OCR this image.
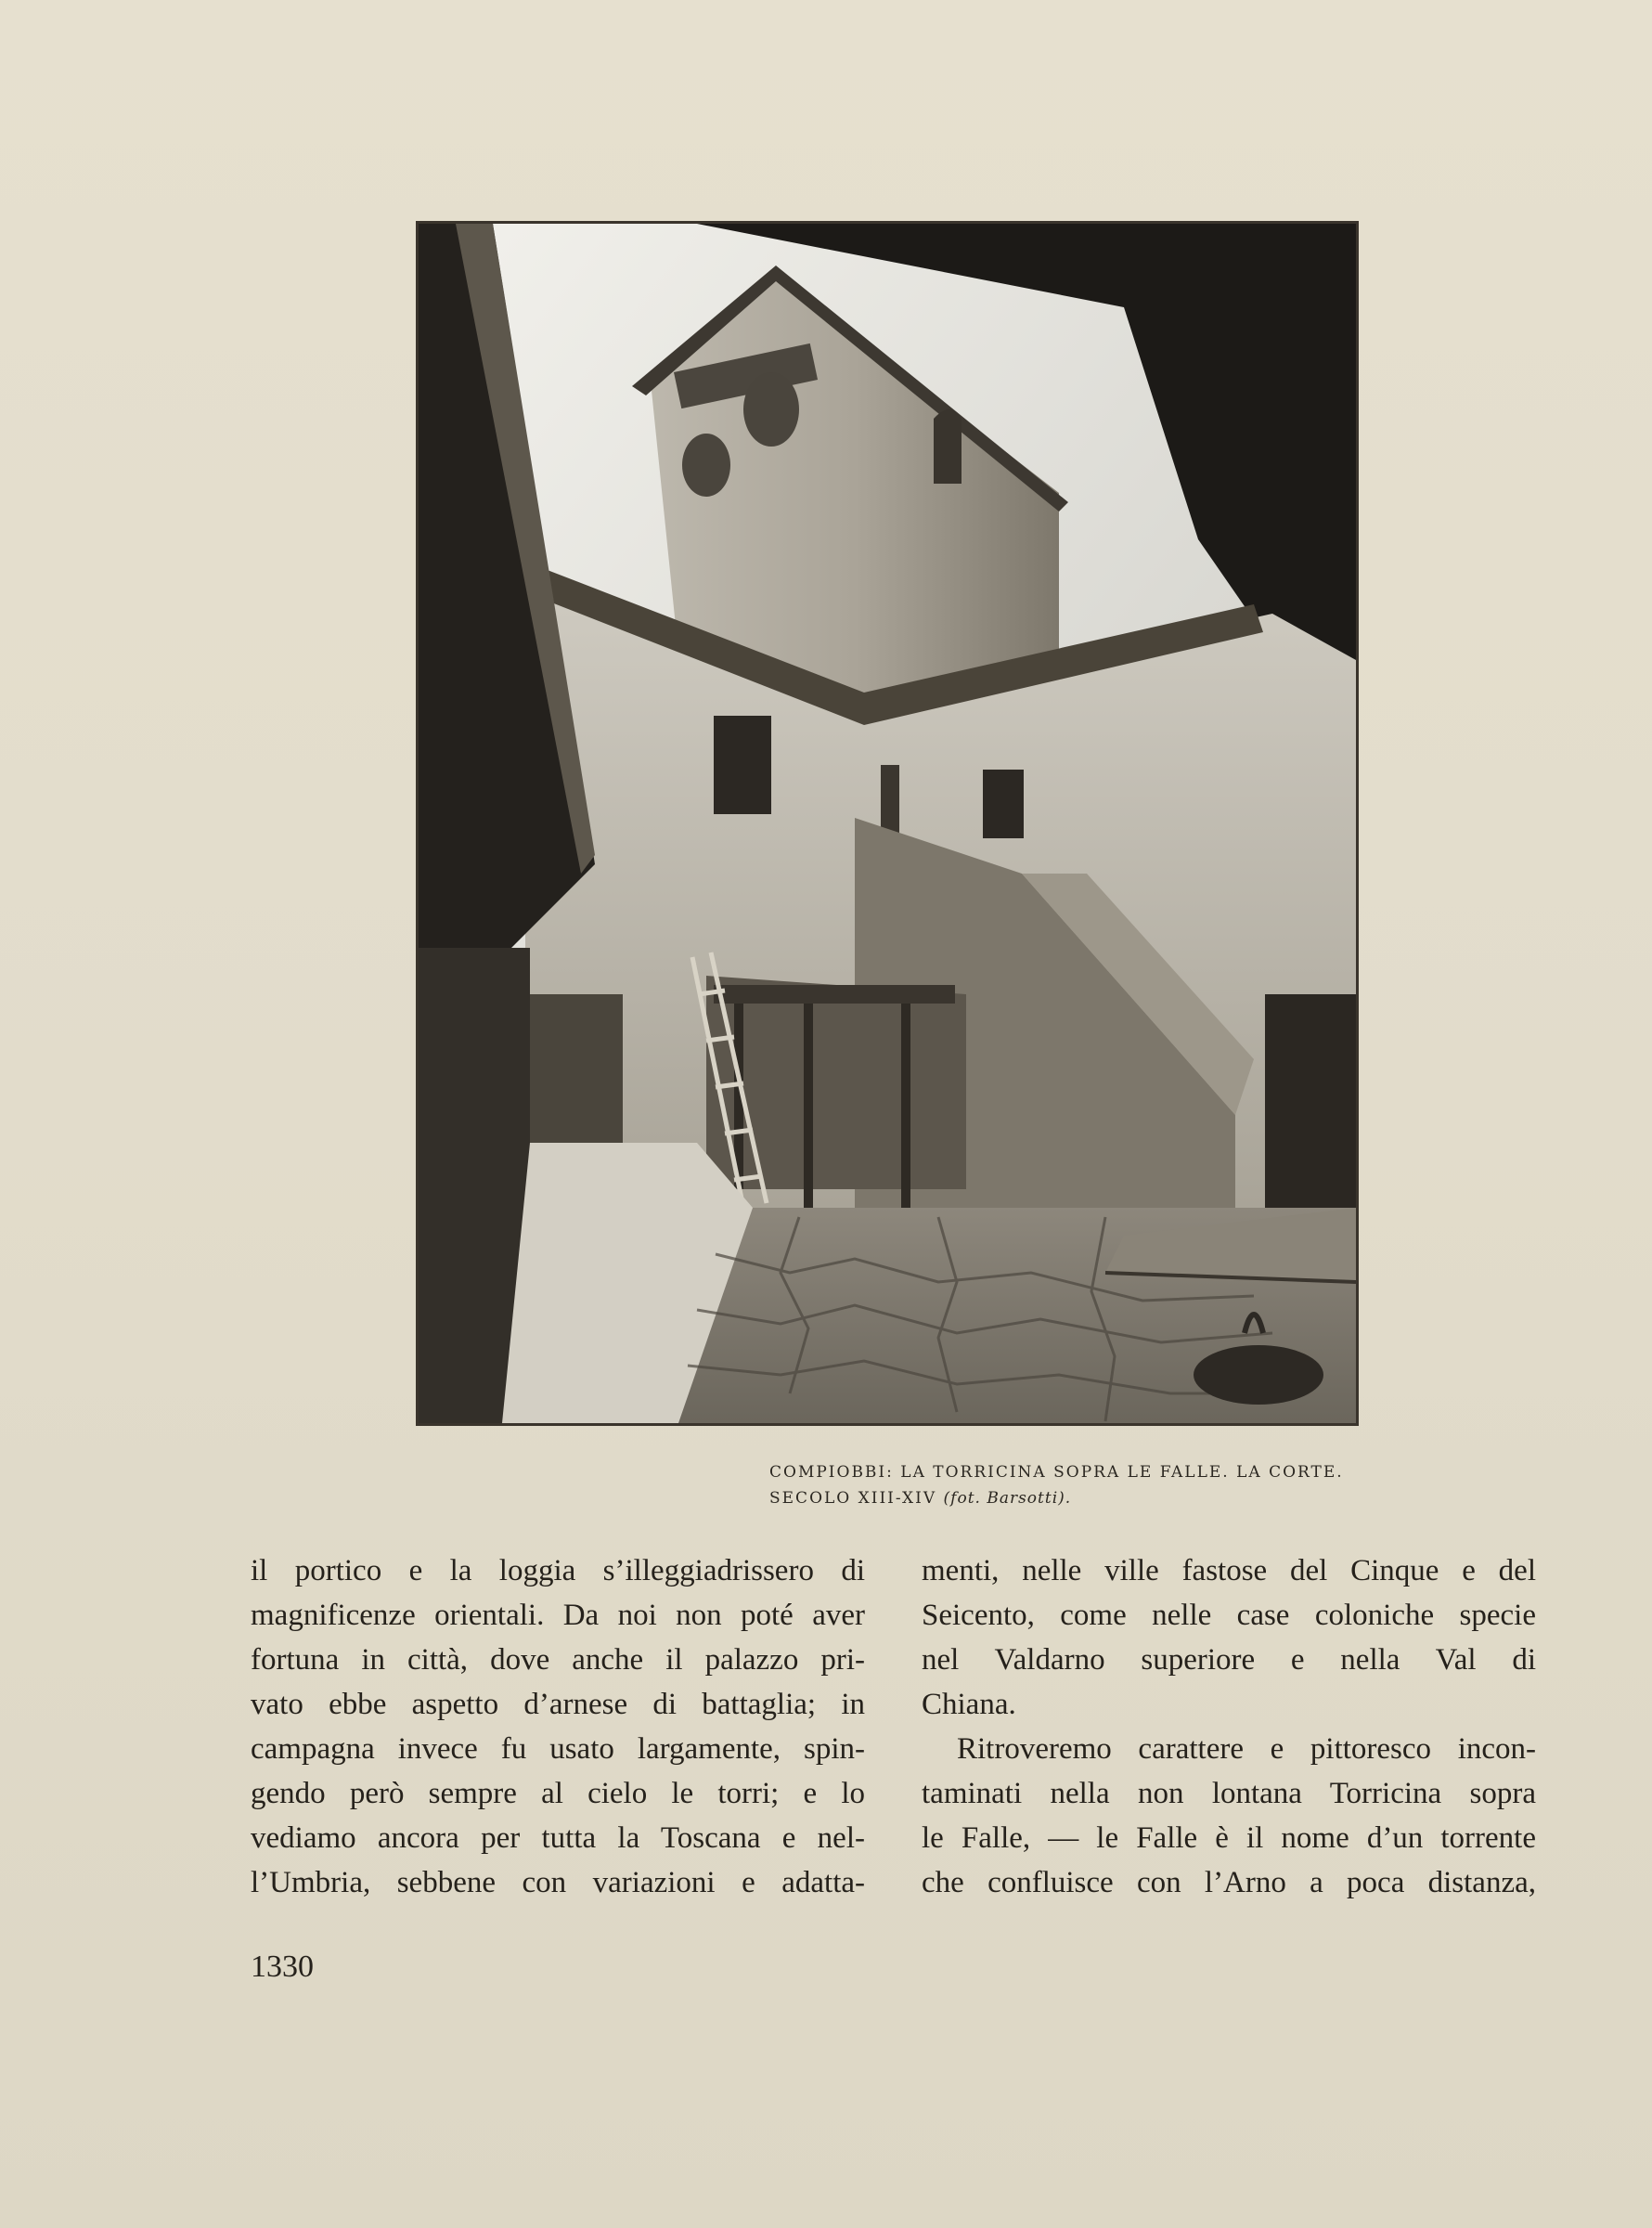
COMPIOBBI: LA TORRICINA SOPRA LE FALLE. LA CORTE.
SECOLO XIII-XIV (fot. Barsotti).
il portico e la loggia s’illeggiadrissero di
magnificenze orientali. Da noi non poté aver
fortuna in città, dove anche il palazzo pri-
vato ebbe aspetto d’arnese di battaglia; in
campagna invece fu usato largamente, spin-
gendo però sempre al cielo le torri; e lo
vediamo ancora per tutta la Toscana e nel-
l’Umbria, sebbene con variazioni e adatta-
menti, nelle ville fastose del Cinque e del
Seicento, come nelle case coloniche specie
nel Valdarno superiore e nella Val di
Chiana.
Ritroveremo carattere e pittoresco incon-
taminati nella non lontana Torricina sopra
le Falle, — le Falle è il nome d’un torrente
che confluisce con l’Arno a poca distanza,
1330
